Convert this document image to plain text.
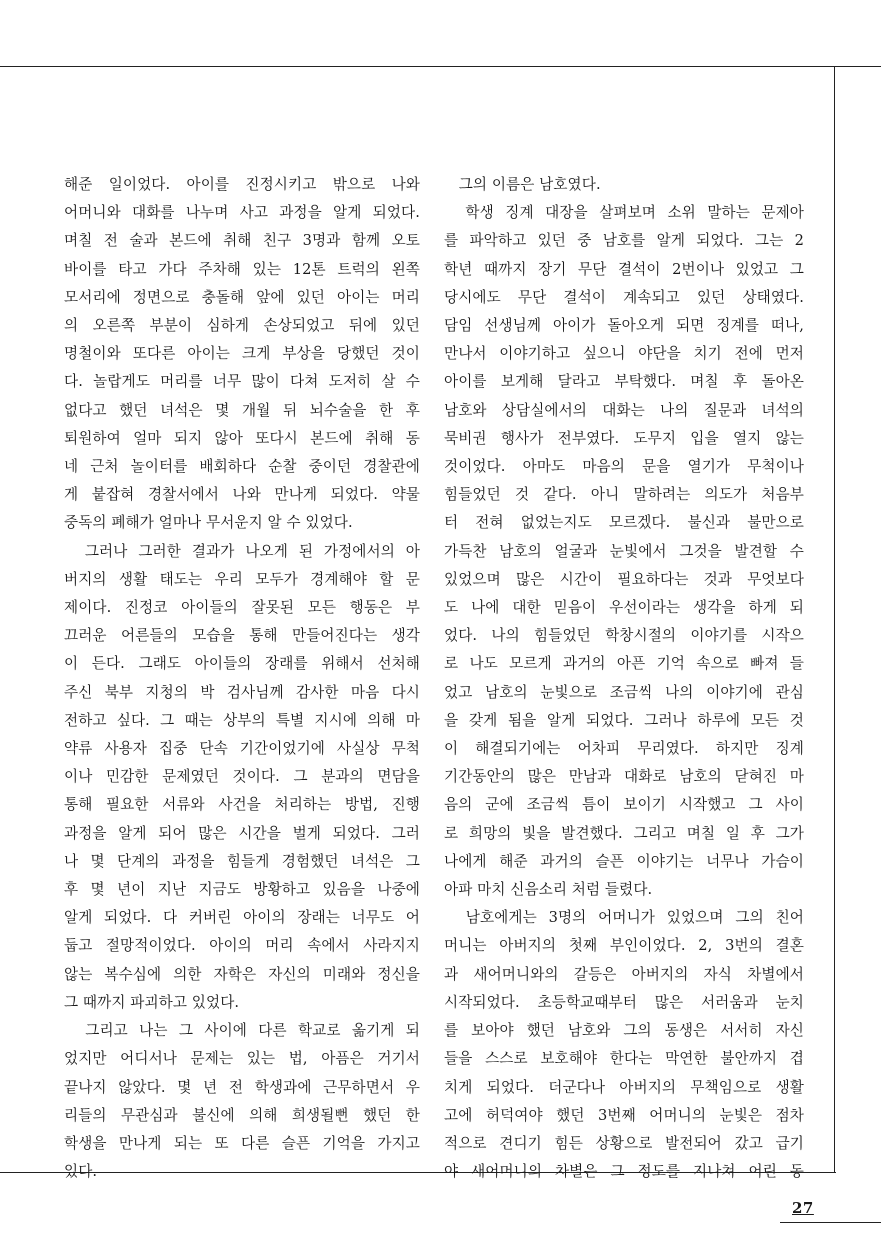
해준 일이었다. 아이를 진정시키고 밖으로 나와
어머니와 대화를 나누며 사고 과정을 알게 되었다.
며칠 전 술과 본드에 취해 친구 3명과 함께 오토
바이를 타고 가다 주차해 있는 12톤 트럭의 왼쪽
모서리에 정면으로 충돌해 앞에 있던 아이는 머리
의 오른쪽 부분이 심하게 손상되었고 뒤에 있던
명철이와 또다른 아이는 크게 부상을 당했던 것이
다. 놀랍게도 머리를 너무 많이 다쳐 도저히 살 수
없다고 했던 녀석은 몇 개월 뒤 뇌수술을 한 후
퇴원하여 얼마 되지 않아 또다시 본드에 취해 동
네 근처 놀이터를 배회하다 순찰 중이던 경찰관에
게 붙잡혀 경찰서에서 나와 만나게 되었다. 약물
중독의 폐해가 얼마나 무서운지 알 수 있었다.
　그러나 그러한 결과가 나오게 된 가정에서의 아
버지의 생활 태도는 우리 모두가 경계해야 할 문
제이다. 진정코 아이들의 잘못된 모든 행동은 부
끄러운 어른들의 모습을 통해 만들어진다는 생각
이 든다. 그래도 아이들의 장래를 위해서 선처해
주신 북부 지청의 박 검사님께 감사한 마음 다시
전하고 싶다. 그 때는 상부의 특별 지시에 의해 마
약류 사용자 집중 단속 기간이었기에 사실상 무척
이나 민감한 문제였던 것이다. 그 분과의 면담을
통해 필요한 서류와 사건을 처리하는 방법, 진행
과정을 알게 되어 많은 시간을 벌게 되었다. 그러
나 몇 단계의 과정을 힘들게 경험했던 녀석은 그
후 몇 년이 지난 지금도 방황하고 있음을 나중에
알게 되었다. 다 커버린 아이의 장래는 너무도 어
둡고 절망적이었다. 아이의 머리 속에서 사라지지
않는 복수심에 의한 자학은 자신의 미래와 정신을
그 때까지 파괴하고 있었다.
　그리고 나는 그 사이에 다른 학교로 옮기게 되
었지만 어디서나 문제는 있는 법, 아픔은 거기서
끝나지 않았다. 몇 년 전 학생과에 근무하면서 우
리들의 무관심과 불신에 의해 희생될뻔 했던 한
학생을 만나게 되는 또 다른 슬픈 기억을 가지고
있다.
　그의 이름은 남호였다.
　학생 징계 대장을 살펴보며 소위 말하는 문제아
를 파악하고 있던 중 남호를 알게 되었다. 그는 2
학년 때까지 장기 무단 결석이 2번이나 있었고 그
당시에도 무단 결석이 계속되고 있던 상태였다.
담임 선생님께 아이가 돌아오게 되면 징계를 떠나,
만나서 이야기하고 싶으니 야단을 치기 전에 먼저
아이를 보게해 달라고 부탁했다. 며칠 후 돌아온
남호와 상담실에서의 대화는 나의 질문과 녀석의
묵비권 행사가 전부였다. 도무지 입을 열지 않는
것이었다. 아마도 마음의 문을 열기가 무척이나
힘들었던 것 같다. 아니 말하려는 의도가 처음부
터 전혀 없었는지도 모르겠다. 불신과 불만으로
가득찬 남호의 얼굴과 눈빛에서 그것을 발견할 수
있었으며 많은 시간이 필요하다는 것과 무엇보다
도 나에 대한 믿음이 우선이라는 생각을 하게 되
었다. 나의 힘들었던 학창시절의 이야기를 시작으
로 나도 모르게 과거의 아픈 기억 속으로 빠져 들
었고 남호의 눈빛으로 조금씩 나의 이야기에 관심
을 갖게 됨을 알게 되었다. 그러나 하루에 모든 것
이 해결되기에는 어차피 무리였다. 하지만 징계
기간동안의 많은 만남과 대화로 남호의 닫혀진 마
음의 군에 조금씩 틈이 보이기 시작했고 그 사이
로 희망의 빛을 발견했다. 그리고 며칠 일 후 그가
나에게 해준 과거의 슬픈 이야기는 너무나 가슴이
아파 마치 신음소리 처럼 들렸다.
　남호에게는 3명의 어머니가 있었으며 그의 친어
머니는 아버지의 첫째 부인이었다. 2, 3번의 결혼
과 새어머니와의 갈등은 아버지의 자식 차별에서
시작되었다. 초등학교때부터 많은 서러움과 눈치
를 보아야 했던 남호와 그의 동생은 서서히 자신
들을 스스로 보호해야 한다는 막연한 불안까지 겹
치게 되었다. 더군다나 아버지의 무책임으로 생활
고에 허덕여야 했던 3번째 어머니의 눈빛은 점차
적으로 견디기 힘든 상황으로 발전되어 갔고 급기
야 새어머니의 차별은 그 정도를 지나쳐 어린 동
27
